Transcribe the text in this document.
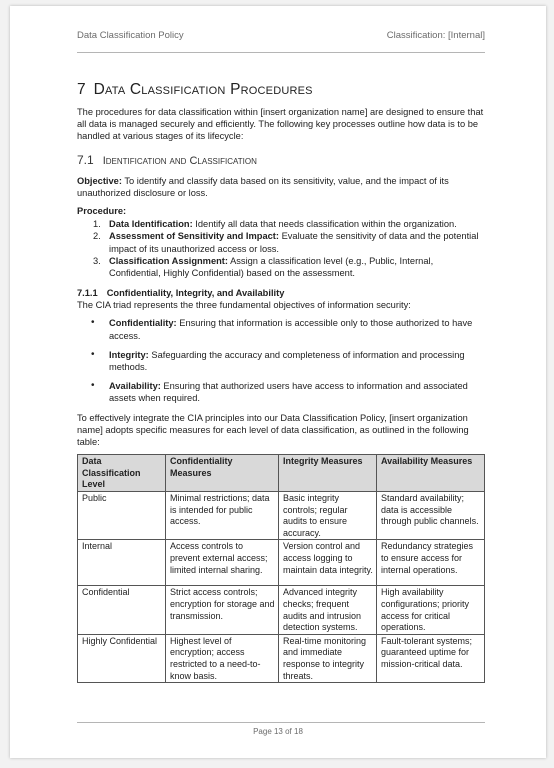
Data Classification Policy	Classification: [Internal]
7 Data Classification Procedures

The procedures for data classification within [insert organization name] are designed to ensure that all data is managed securely and efficiently. The following key processes outline how data is to be handled at various stages of its lifecycle:

7.1 Identification and Classification

Objective: To identify and classify data based on its sensitivity, value, and the impact of its unauthorized disclosure or loss.

Procedure:

1. Data Identification: Identify all data that needs classification within the organization.
2. Assessment of Sensitivity and Impact: Evaluate the sensitivity of data and the potential impact of its unauthorized access or loss.
3. Classification Assignment: Assign a classification level (e.g., Public, Internal, Confidential, Highly Confidential) based on the assessment.
7.1.1 Confidentiality, Integrity, and Availability

The CIA triad represents the three fundamental objectives of information security:

• Confidentiality: Ensuring that information is accessible only to those authorized to have access.
• Integrity: Safeguarding the accuracy and completeness of information and processing methods.
• Availability: Ensuring that authorized users have access to information and associated assets when required.

To effectively integrate the CIA principles into our Data Classification Policy, [insert organization name] adopts specific measures for each level of data classification, as outlined in the following table:

Data Classification Level	Confidentiality Measures	Integrity Measures	Availability Measures
Public	Minimal restrictions; data is intended for public access.	Basic integrity controls; regular audits to ensure accuracy.	Standard availability; data is accessible through public channels.
Internal	Access controls to prevent external access; limited internal sharing.	Version control and access logging to maintain data integrity.	Redundancy strategies to ensure access for internal operations.
Confidential	Strict access controls; encryption for storage and transmission.	Advanced integrity checks; frequent audits and intrusion detection systems.	High availability configurations; priority access for critical operations.
Highly Confidential	Highest level of encryption; access restricted to a need-to-know basis.	Real-time monitoring and immediate response to integrity threats.	Fault-tolerant systems; guaranteed uptime for mission-critical data.
Page 13 of 18
